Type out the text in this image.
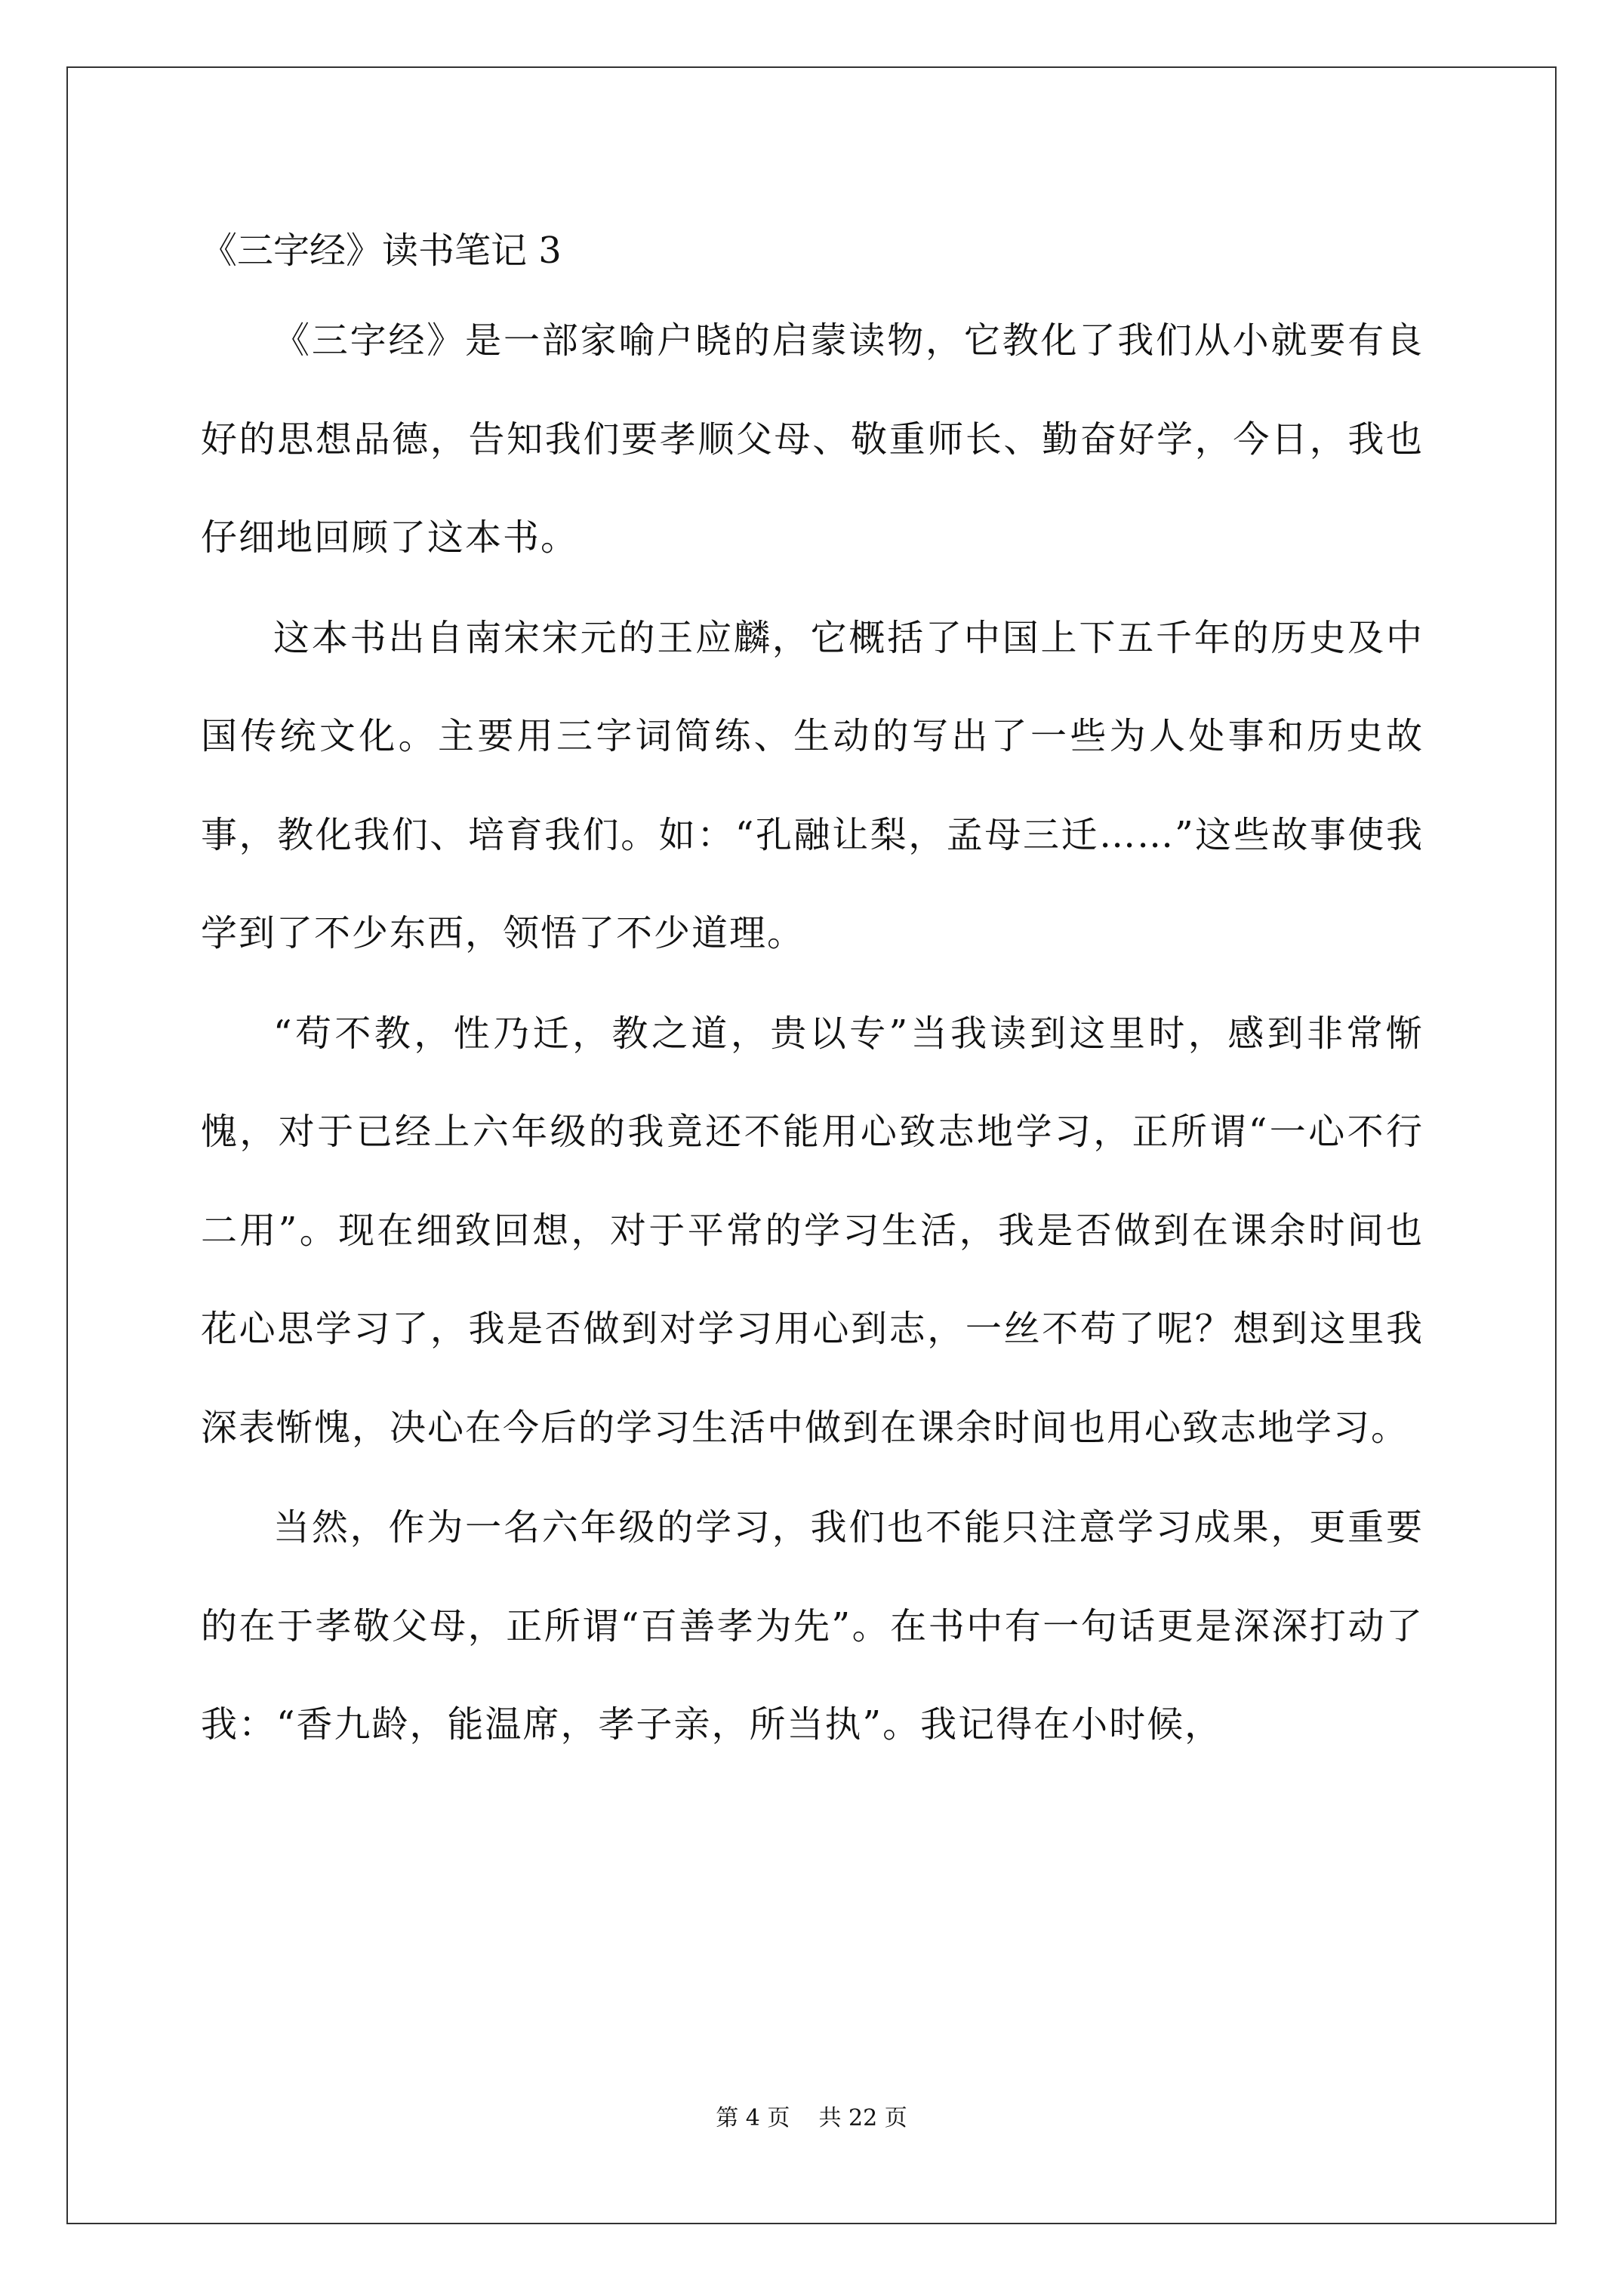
《三字经》读书笔记 3

《三字经》是一部家喻户晓的启蒙读物，它教化了我们从小就要有良好的思想品德，告知我们要孝顺父母、敬重师长、勤奋好学，今日，我也仔细地回顾了这本书。

这本书出自南宋宋元的王应麟，它概括了中国上下五千年的历史及中国传统文化。主要用三字词简练、生动的写出了一些为人处事和历史故事，教化我们、培育我们。如：“孔融让梨，孟母三迁……”这些故事使我学到了不少东西，领悟了不少道理。

“苟不教，性乃迁，教之道，贵以专”当我读到这里时，感到非常惭愧，对于已经上六年级的我竟还不能用心致志地学习，正所谓“一心不行二用”。现在细致回想，对于平常的学习生活，我是否做到在课余时间也花心思学习了，我是否做到对学习用心到志，一丝不苟了呢？想到这里我深表惭愧，决心在今后的学习生活中做到在课余时间也用心致志地学习。

当然，作为一名六年级的学习，我们也不能只注意学习成果，更重要的在于孝敬父母，正所谓“百善孝为先”。在书中有一句话更是深深打动了我：“香九龄，能温席，孝子亲，所当执”。我记得在小时候，

第 4 页    共 22 页
